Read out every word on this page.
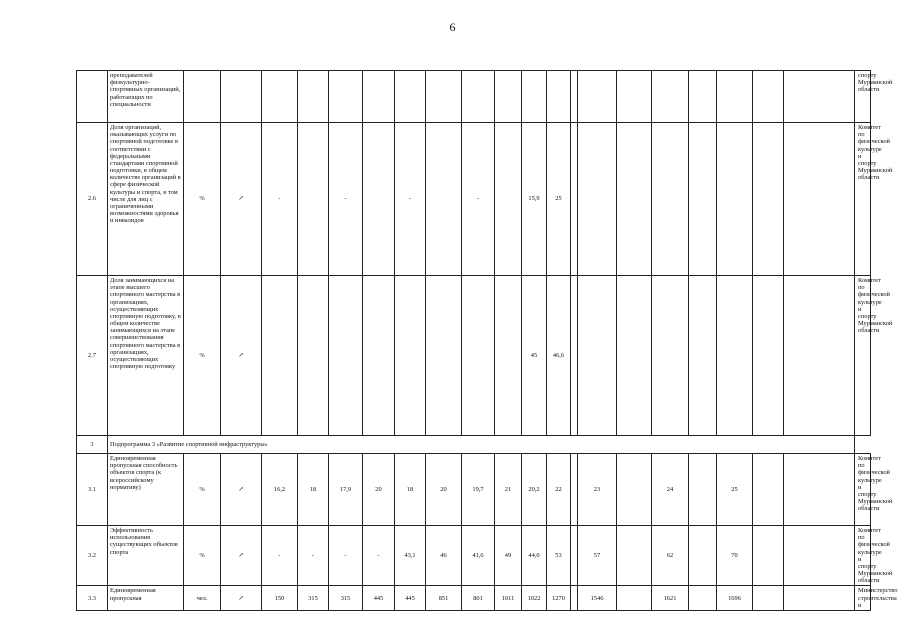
6
	преподавателей физкультурно-спортивных организаций, работающих по специальности																					спорту Мурманской области
2.6	Доля организаций, оказывающих услуги по спортивной подготовке в соответствии с федеральными стандартами спортивной подготовки, в общем количестве организаций в сфере физической культуры и спорта, в том числе для лиц с ограниченными возможностями здоровья и инвалидов	%	↗	-		-		-		-		15,9	25									Комитет по физической культуре и спорту Мурманской области
2.7	Доля занимающихся на этапе высшего спортивного мастерства в организациях, осуществляющих спортивную подготовку, в общем количестве занимающихся на этапе совершенствования спортивного мастерства в организациях, осуществляющих спортивную подготовку	%	↗									45	46,6									Комитет по физической культуре и спорту Мурманской области
3	Подпрограмма 3 «Развитие спортивной инфраструктуры»																					
3.1	Единовременная пропускная способность объектов спорта (к всероссийскому нормативу)	%	↗	16,2	18	17,9	20	18	20	19,7	21	20,2	22		23		24		25			Комитет по физической культуре и спорту Мурманской области
3.2	Эффективность использования существующих объектов спорта	%	↗	-	-	-	-	43,1	46	41,6	49	44,0	53		57		62		70			Комитет по физической культуре и спорту Мурманской области
3.3	Единовременная пропускная	чел.	↗	150	315	315	445	445	851	801	1011	1022	1270		1546		1621		1696			Министерство строительства и
